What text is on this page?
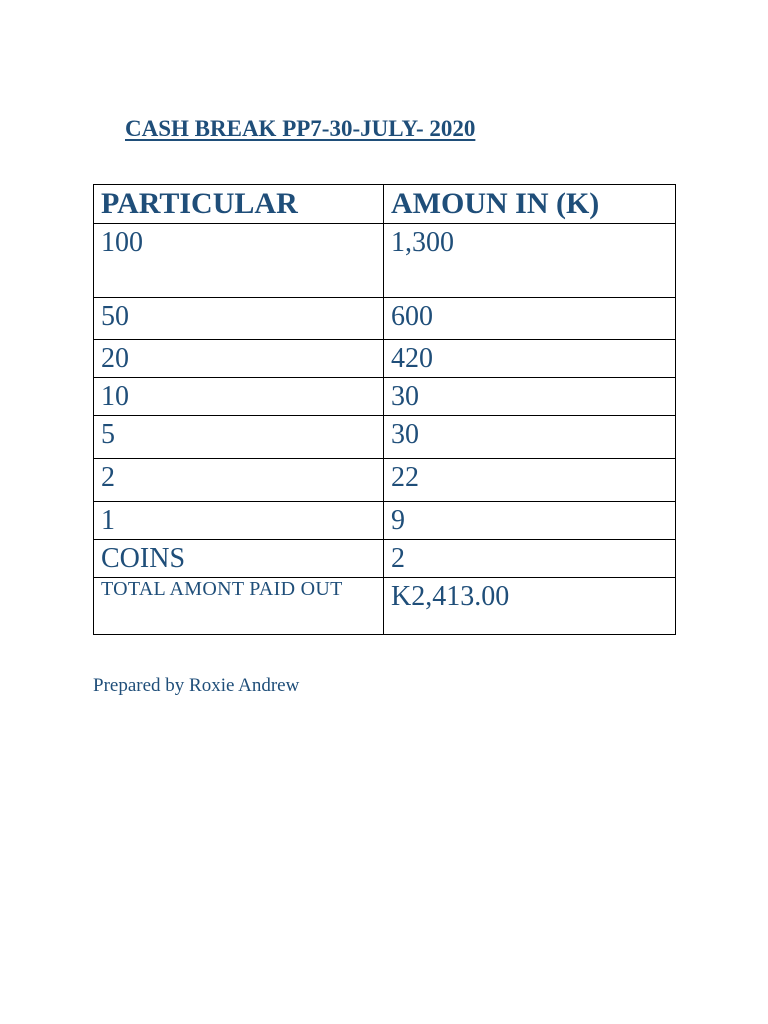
CASH BREAK PP7-30-JULY- 2020
PARTICULAR	AMOUN IN (K)
100	1,300
50	600
20	420
10	30
5	30
2	22
1	9
COINS	2
TOTAL AMONT PAID OUT	K2,413.00
Prepared by Roxie Andrew
